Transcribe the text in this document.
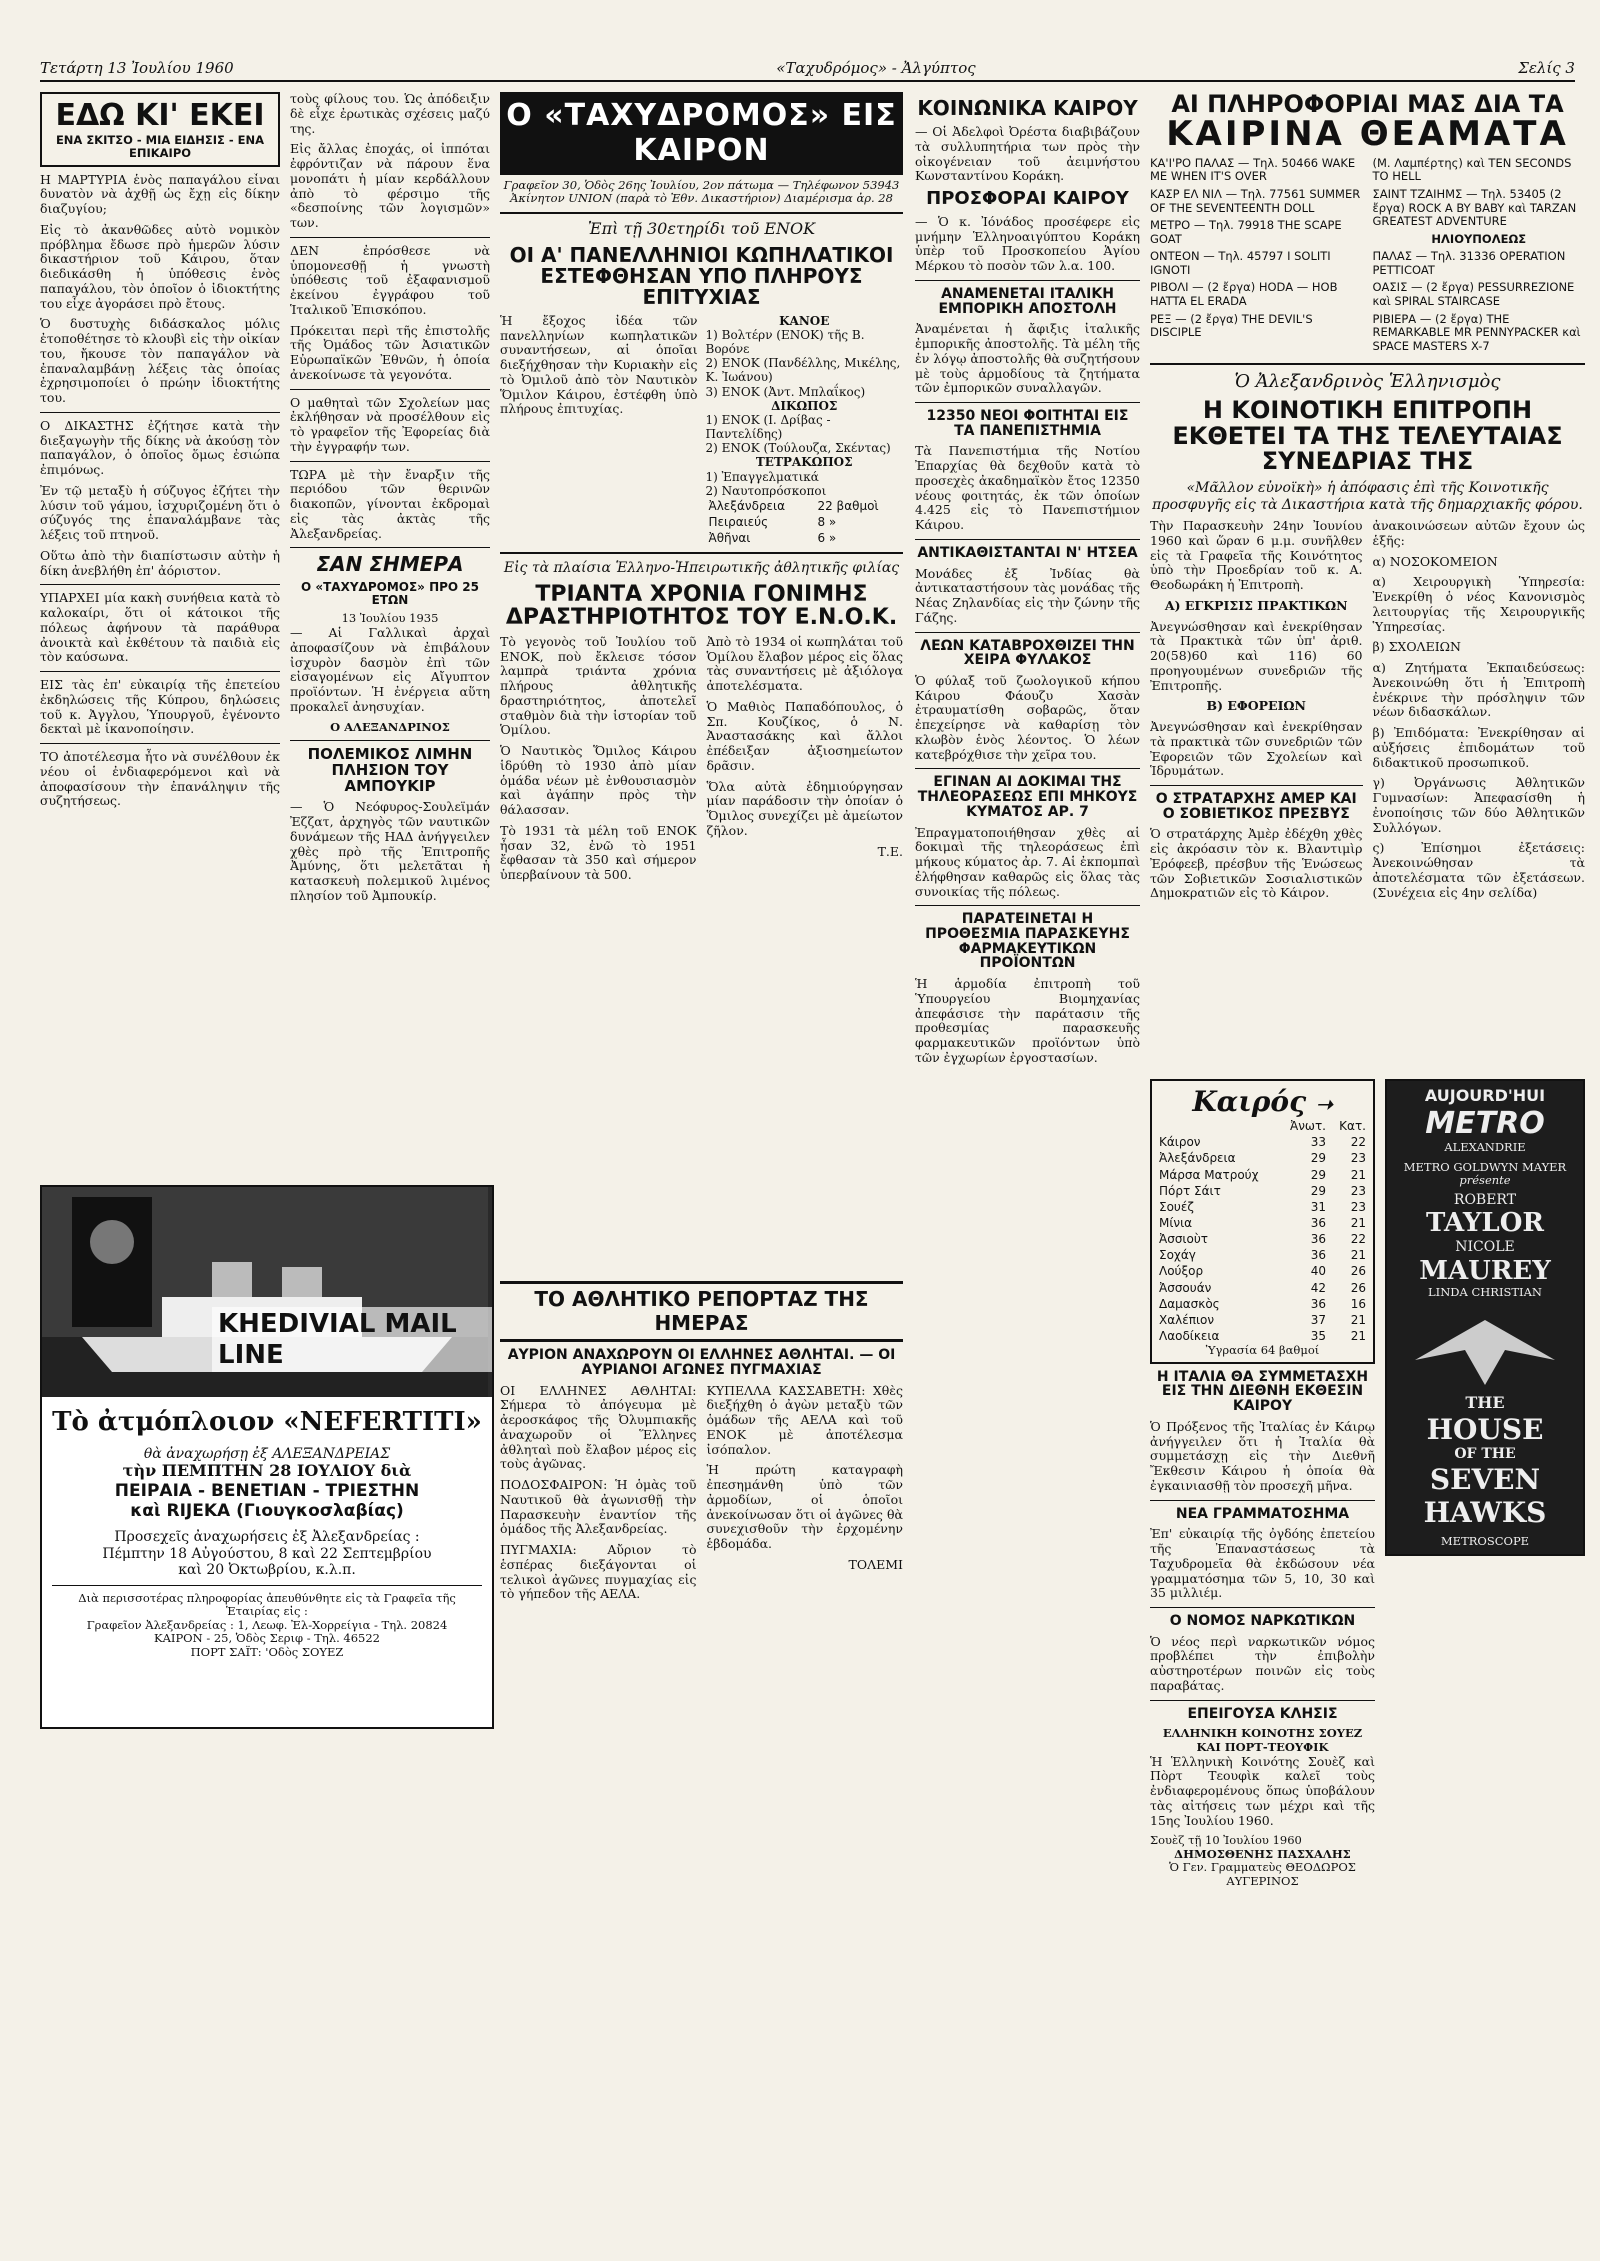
Τετάρτη 13 Ἰουλίου 1960	«Ταχυδρόμος» - Ἀλγύπτος	Σελίς 3
ΕΔΩ ΚΙ' ΕΚΕΙ
ΕΝΑ ΣΚΙΤΣΟ - ΜΙΑ ΕΙΔΗΣΙΣ - ΕΝΑ ΕΠΙΚΑΙΡΟ

Η ΜΑΡΤΥΡΙΑ ἑνὸς παπαγάλου εἶναι δυνατὸν νὰ ἀχθῇ ὡς ἔχῃ εἰς δίκην διαζυγίου;

Εἰς τὸ ἀκανθῶδες αὐτὸ νομικὸν πρόβλημα ἔδωσε πρὸ ἡμερῶν λύσιν δικαστήριον τοῦ Κάιρου, ὅταν διεδικάσθη ἡ ὑπόθεσις ἑνὸς παπαγάλου, τὸν ὁποῖον ὁ ἰδιοκτήτης του εἶχε ἀγοράσει πρὸ ἔτους.

Ὁ δυστυχὴς διδάσκαλος μόλις ἐτοποθέτησε τὸ κλουβὶ εἰς τὴν οἰκίαν του, ἤκουσε τὸν παπαγάλον νὰ ἐπαναλαμβάνῃ λέξεις τὰς ὁποίας ἐχρησιμοποίει ὁ πρώην ἰδιοκτήτης του.

Ο ΔΙΚΑΣΤΗΣ ἐζήτησε κατὰ τὴν διεξαγωγὴν τῆς δίκης νὰ ἀκούσῃ τὸν παπαγάλον, ὁ ὁποῖος ὅμως ἐσιώπα ἐπιμόνως.

Ἐν τῷ μεταξὺ ἡ σύζυγος ἐζήτει τὴν λύσιν τοῦ γάμου, ἰσχυριζομένη ὅτι ὁ σύζυγός της ἐπαναλάμβανε τὰς λέξεις τοῦ πτηνοῦ.

Οὕτω ἀπὸ τὴν διαπίστωσιν αὐτὴν ἡ δίκη ἀνεβλήθη ἐπ' ἀόριστον.

ΥΠΑΡΧΕΙ μία κακὴ συνήθεια κατὰ τὸ καλοκαίρι, ὅτι οἱ κάτοικοι τῆς πόλεως ἀφήνουν τὰ παράθυρα ἀνοικτὰ καὶ ἐκθέτουν τὰ παιδιὰ εἰς τὸν καύσωνα.

ΕΙΣ τὰς ἐπ' εὐκαιρίᾳ τῆς ἐπετείου ἐκδηλώσεις τῆς Κύπρου, δηλώσεις τοῦ κ. Ἀγγλου, Ὑπουργοῦ, ἐγένοντο δεκταὶ μὲ ἱκανοποίησιν.

ΤΟ ἀποτέλεσμα ἦτο νὰ συνέλθουν ἐκ νέου οἱ ἐνδιαφερόμενοι καὶ νὰ ἀποφασίσουν τὴν ἐπανάληψιν τῆς συζητήσεως.

τοὺς φίλους του. Ὡς ἀπόδειξιν δὲ εἶχε ἐρωτικὰς σχέσεις μαζύ της.

Εἰς ἄλλας ἐποχάς, οἱ ἰππόται ἐφρόντιζαν νὰ πάρουν ἕνα μονοπάτι ἡ μίαν κερδάλλουν ἀπὸ τὸ φέρσιμο τῆς «δεσποίνης τῶν λογισμῶν» των.

ΔΕΝ ἐπρόσθεσε νὰ ὑπομονεσθῇ ἡ γνωστὴ ὑπόθεσις τοῦ ἐξαφανισμοῦ ἐκείνου ἐγγράφου τοῦ Ἱταλικοῦ Ἐπισκόπου.

Πρόκειται περὶ τῆς ἐπιστολῆς τῆς Ὀμάδος τῶν Ἀσιατικῶν Εὐρωπαϊκῶν Ἐθνῶν, ἡ ὁποία ἀνεκοίνωσε τὰ γεγονότα.

Ο μαθηταὶ τῶν Σχολείων μας ἐκλήθησαν νὰ προσέλθουν εἰς τὸ γραφεῖον τῆς Ἐφορείας διὰ τὴν ἐγγραφήν των.

ΤΩΡΑ μὲ τὴν ἔναρξιν τῆς περιόδου τῶν θερινῶν διακοπῶν, γίνονται ἐκδρομαὶ εἰς τὰς ἀκτὰς τῆς Ἀλεξανδρείας.

ΣΑΝ ΣΗΜΕΡΑ
Ο «ΤΑΧΥΔΡΟΜΟΣ» ΠΡΟ 25 ΕΤΩΝ
13 Ἰουλίου 1935

— Αἱ Γαλλικαὶ ἀρχαὶ ἀποφασίζουν νὰ ἐπιβάλουν ἰσχυρὸν δασμὸν ἐπὶ τῶν εἰσαγομένων εἰς Αἴγυπτον προϊόντων. Ἡ ἐνέργεια αὕτη προκαλεῖ ἀνησυχίαν.

Ο ΑΛΕΞΑΝΔΡΙΝΟΣ
ΠΟΛΕΜΙΚΟΣ ΛΙΜΗΝ ΠΛΗΣΙΟΝ ΤΟΥ ΑΜΠΟΥΚΙΡ

— Ὁ Νεόφυρος-Σουλεϊμάν Ἐζζατ, ἀρχηγὸς τῶν ναυτικῶν δυνάμεων τῆς ΗΑΔ ἀνήγγειλεν χθὲς πρὸ τῆς Ἐπιτροπῆς Ἀμύνης, ὅτι μελετᾶται ἡ κατασκευὴ πολεμικοῦ λιμένος πλησίον τοῦ Ἀμπουκίρ.

KHEDIVIAL MAIL LINE
Τὸ ἀτμόπλοιον «NEFERTITI»
θὰ ἀναχωρήσῃ ἐξ ΑΛΕΞΑΝΔΡΕΙΑΣ
τὴν ΠΕΜΠΤΗΝ 28 ΙΟΥΛΙΟΥ διὰ
ΠΕΙΡΑΙΑ - ΒΕΝΕΤΙΑΝ - ΤΡΙΕΣΤΗΝ
καὶ RIJEKA (Γιουγκοσλαβίας)
Προσεχεῖς ἀναχωρήσεις ἐξ Ἀλεξανδρείας :
Πέμπτην 18 Αὐγούστου, 8 καὶ 22 Σεπτεμβρίου
καὶ 20 Ὀκτωβρίου, κ.λ.π.
Διὰ περισσοτέρας πληροφορίας ἀπευθύνθητε εἰς τὰ Γραφεῖα τῆς Ἑταιρίας εἰς :
Γραφεῖον Ἀλεξανδρείας : 1, Λεωφ. Ἐλ-Χορρείγια - Τηλ. 20824
ΚΑΙΡΟΝ - 25, Ὁδὸς Σεριφ - Τηλ. 46522
ΠΟΡΤ ΣΑΪΤ: 'Οδὸς ΣΟΥΕΖ
Ο «ΤΑΧΥΔΡΟΜΟΣ» ΕΙΣ ΚΑΙΡΟΝ
Γραφεῖον 30, Ὁδὸς 26ης Ἰουλίου, 2ον πάτωμα — Τηλέφωνον 53943
Ἀκίνητον UNION (παρὰ τὸ Ἐθν. Δικαστήριον) Διαμέρισμα ἀρ. 28
Ἐπὶ τῇ 30ετηρίδι τοῦ ΕΝΟΚ
ΟΙ Α' ΠΑΝΕΛΛΗΝΙΟΙ ΚΩΠΗΛΑΤΙΚΟΙ ΕΣΤΕΦΘΗΣΑΝ ΥΠΟ ΠΛΗΡΟΥΣ ΕΠΙΤΥΧΙΑΣ

Ἡ ἔξοχος ἰδέα τῶν πανελληνίων κωπηλατικῶν συναντήσεων, αἱ ὁποῖαι διεξήχθησαν τὴν Κυριακὴν εἰς τὸ Ὀμιλοῦ ἀπὸ τὸν Ναυτικὸν Ὅμιλον Κάιρου, ἐστέφθη ὑπὸ πλήρους ἐπιτυχίας.

ΚΑΝΟΕ
1) Βολτέρν (ΕΝΟΚ) τῆς Β. Βορόνε
2) ΕΝΟΚ (Πανδέλλης, Μικέλης, Κ. Ἰωάνου)
3) ΕΝΟΚ (Ἀντ. Μπλαΐκος)
ΔΙΚΩΠΟΣ
1) ΕΝΟΚ (Ι. Δρίβας - Παντελίδης)
2) ΕΝΟΚ (Τούλουζα, Σκέντας)
ΤΕΤΡΑΚΩΠΟΣ
1) Ἐπαγγελματικά
2) Ναυτοπρόσκοποι
Ἀλεξάνδρεια	22 βαθμοὶ
Πειραιεύς	8 »
Ἀθῆναι	6 »
Εἰς τὰ πλαίσια Ἑλληνο-Ἠπειρωτικῆς ἀθλητικῆς φιλίας
ΤΡΙΑΝΤΑ ΧΡΟΝΙΑ ΓΟΝΙΜΗΣ ΔΡΑΣΤΗΡΙΟΤΗΤΟΣ ΤΟΥ Ε.Ν.Ο.Κ.

Τὸ γεγονὸς τοῦ Ἰουλίου τοῦ ΕΝΟΚ, ποὺ ἔκλεισε τόσον λαμπρὰ τριάντα χρόνια πλήρους ἀθλητικῆς δραστηριότητος, ἀποτελεῖ σταθμὸν διὰ τὴν ἱστορίαν τοῦ Ὁμίλου.

Ὁ Ναυτικὸς Ὅμιλος Κάιρου ἱδρύθη τὸ 1930 ἀπὸ μίαν ὁμάδα νέων μὲ ἐνθουσιασμὸν καὶ ἀγάπην πρὸς τὴν θάλασσαν.

Τὸ 1931 τὰ μέλη τοῦ ΕΝΟΚ ἦσαν 32, ἐνῶ τὸ 1951 ἔφθασαν τὰ 350 καὶ σήμερον ὑπερβαίνουν τὰ 500.

Ἀπὸ τὸ 1934 οἱ κωπηλάται τοῦ Ὁμίλου ἔλαβον μέρος εἰς ὅλας τὰς συναντήσεις μὲ ἀξιόλογα ἀποτελέσματα.

Ὁ Μαθιὸς Παπαδόπουλος, ὁ Σπ. Κουζίκος, ὁ Ν. Ἀναστασάκης καὶ ἄλλοι ἐπέδειξαν ἀξιοσημείωτον δρᾶσιν.

Ὅλα αὐτὰ ἐδημιούργησαν μίαν παράδοσιν τὴν ὁποίαν ὁ Ὅμιλος συνεχίζει μὲ ἀμείωτον ζῆλον.

Τ.Ε.

ΤΟ ΑΘΛΗΤΙΚΟ ΡΕΠΟΡΤΑΖ ΤΗΣ ΗΜΕΡΑΣ
ΑΥΡΙΟΝ ΑΝΑΧΩΡΟΥΝ ΟΙ ΕΛΛΗΝΕΣ ΑΘΛΗΤΑΙ. — ΟΙ ΑΥΡΙΑΝΟΙ ΑΓΩΝΕΣ ΠΥΓΜΑΧΙΑΣ

ΟΙ ΕΛΛΗΝΕΣ ΑΘΛΗΤΑΙ: Σήμερα τὸ ἀπόγευμα μὲ ἀεροσκάφος τῆς Ὀλυμπιακῆς ἀναχωροῦν οἱ Ἕλληνες ἀθληταὶ ποὺ ἔλαβον μέρος εἰς τοὺς ἀγῶνας.

ΠΟΔΟΣΦΑΙΡΟΝ: Ἡ ὁμὰς τοῦ Ναυτικοῦ θὰ ἀγωνισθῇ τὴν Παρασκευὴν ἐναντίον τῆς ὁμάδος τῆς Ἀλεξανδρείας.

ΠΥΓΜΑΧΙΑ: Αὔριον τὸ ἑσπέρας διεξάγονται οἱ τελικοὶ ἀγῶνες πυγμαχίας εἰς τὸ γήπεδον τῆς ΑΕΛΑ.

ΚΥΠΕΛΛΑ ΚΑΣΣΑΒΕΤΗ: Χθὲς διεξήχθη ὁ ἀγὼν μεταξὺ τῶν ὁμάδων τῆς ΑΕΛΑ καὶ τοῦ ΕΝΟΚ μὲ ἀποτέλεσμα ἰσόπαλον.

Ἡ πρώτη καταγραφὴ ἐπεσημάνθη ὑπὸ τῶν ἀρμοδίων, οἱ ὁποῖοι ἀνεκοίνωσαν ὅτι οἱ ἀγῶνες θὰ συνεχισθοῦν τὴν ἐρχομένην ἑβδομάδα.

ΤΟΛΕΜΙ

ΚΟΙΝΩΝΙΚΑ ΚΑΙΡΟΥ

— Οἱ Ἀδελφοὶ Ὀρέστα διαβιβάζουν τὰ συλλυπητήρια των πρὸς τὴν οἰκογένειαν τοῦ ἀειμνήστου Κωνσταντίνου Κοράκη.

ΠΡΟΣΦΟΡΑΙ ΚΑΙΡΟΥ

— Ὁ κ. Ἰόνάδος προσέφερε εἰς μνήμην Ἑλληνοαιγύπτου Κοράκη ὑπὲρ τοῦ Προσκοπείου Ἁγίου Μέρκου τὸ ποσὸν τῶν λ.α. 100.

ΑΝΑΜΕΝΕΤΑΙ ΙΤΑΛΙΚΗ ΕΜΠΟΡΙΚΗ ΑΠΟΣΤΟΛΗ

Ἀναμένεται ἡ ἄφιξις ἰταλικῆς ἐμπορικῆς ἀποστολῆς. Τὰ μέλη τῆς ἐν λόγῳ ἀποστολῆς θὰ συζητήσουν μὲ τοὺς ἁρμοδίους τὰ ζητήματα τῶν ἐμπορικῶν συναλλαγῶν.

12350 ΝΕΟΙ ΦΟΙΤΗΤΑΙ ΕΙΣ ΤΑ ΠΑΝΕΠΙΣΤΗΜΙΑ

Τὰ Πανεπιστήμια τῆς Νοτίου Ἐπαρχίας θὰ δεχθοῦν κατὰ τὸ προσεχὲς ἀκαδημαϊκὸν ἔτος 12350 νέους φοιτητάς, ἐκ τῶν ὁποίων 4.425 εἰς τὸ Πανεπιστήμιον Κάιρου.

ΑΝΤΙΚΑΘΙΣΤΑΝΤΑΙ Ν' ΗΤΣΕΑ

Μονάδες ἐξ Ἰνδίας θὰ ἀντικαταστήσουν τὰς μονάδας τῆς Νέας Ζηλανδίας εἰς τὴν ζώνην τῆς Γάζης.

ΛΕΩΝ ΚΑΤΑΒΡΟΧΘΙΖΕΙ ΤΗΝ ΧΕΙΡΑ ΦΥΛΑΚΟΣ

Ὁ φύλαξ τοῦ ζωολογικοῦ κήπου Κάιρου Φάουζυ Χασὰν ἐτραυματίσθη σοβαρῶς, ὅταν ἐπεχείρησε νὰ καθαρίσῃ τὸν κλωβὸν ἑνὸς λέοντος. Ὁ λέων κατεβρόχθισε τὴν χεῖρα του.

ΕΓΙΝΑΝ ΑΙ ΔΟΚΙΜΑΙ ΤΗΣ ΤΗΛΕΟΡΑΣΕΩΣ ΕΠΙ ΜΗΚΟΥΣ ΚΥΜΑΤΟΣ ΑΡ. 7

Ἐπραγματοποιήθησαν χθὲς αἱ δοκιμαὶ τῆς τηλεοράσεως ἐπὶ μήκους κύματος ἀρ. 7. Αἱ ἐκπομπαὶ ἐλήφθησαν καθαρῶς εἰς ὅλας τὰς συνοικίας τῆς πόλεως.

ΠΑΡΑΤΕΙΝΕΤΑΙ Η ΠΡΟΘΕΣΜΙΑ ΠΑΡΑΣΚΕΥΗΣ ΦΑΡΜΑΚΕΥΤΙΚΩΝ ΠΡΟΪΟΝΤΩΝ

Ἡ ἁρμοδία ἐπιτροπὴ τοῦ Ὑπουργείου Βιομηχανίας ἀπεφάσισε τὴν παράτασιν τῆς προθεσμίας παρασκευῆς φαρμακευτικῶν προϊόντων ὑπὸ τῶν ἐγχωρίων ἐργοστασίων.

ΑΙ ΠΛΗΡΟΦΟΡΙΑΙ ΜΑΣ ΔΙΑ ΤΑ
ΚΑΙΡΙΝΑ ΘΕΑΜΑΤΑ
ΚΑ'Ι'ΡΟ ΠΑΛΑΣ — Τηλ. 50466 WAKE ME WHEN IT'S OVER
ΚΑΣΡ ΕΛ ΝΙΛ — Τηλ. 77561 SUMMER OF THE SEVENTEENTH DOLL
ΜΕΤΡΟ — Τηλ. 79918 THE SCAPE GOAT
ΟΝΤΕΟΝ — Τηλ. 45797 I SOLITI IGNOTI
ΡΙΒΟΛΙ — (2 ἔργα) HODA — HOB HATTA EL ERADA
ΡΕΞ — (2 ἔργα) THE DEVIL'S DISCIPLE
(Μ. Λαμπέρτης) καὶ TEN SECONDS TO HELL
ΣΑΙΝΤ ΤΖΑΙΗΜΣ — Τηλ. 53405 (2 ἔργα) ROCK A BY BABY καὶ TARZAN GREATEST ADVENTURE
ΗΛΙΟΥΠΟΛΕΩΣ
ΠΑΛΑΣ — Τηλ. 31336 OPERATION PETTICOAT
ΟΑΣΙΣ — (2 ἔργα) PESSURREZIONE καὶ SPIRAL STAIRCASE
ΡΙΒΙΕΡΑ — (2 ἔργα) THE REMARKABLE MR PENNYPACKER καὶ SPACE MASTERS X-7
Ὁ Ἀλεξανδρινὸς Ἑλληνισμὸς
Η ΚΟΙΝΟΤΙΚΗ ΕΠΙΤΡΟΠΗ ΕΚΘΕΤΕΙ ΤΑ ΤΗΣ ΤΕΛΕΥΤΑΙΑΣ ΣΥΝΕΔΡΙΑΣ ΤΗΣ
«Μᾶλλον εὐνοϊκὴ» ἡ ἀπόφασις ἐπὶ τῆς Κοινοτικῆς προσφυγῆς εἰς τὰ Δικαστήρια κατὰ τῆς δημαρχιακῆς φόρου.

Τὴν Παρασκευὴν 24ην Ἰουνίου 1960 καὶ ὥραν 6 μ.μ. συνῆλθεν εἰς τὰ Γραφεῖα τῆς Κοινότητος ὑπὸ τὴν Προεδρίαν τοῦ κ. Α. Θεοδωράκη ἡ Ἐπιτροπὴ.

Α) ΕΓΚΡΙΣΙΣ ΠΡΑΚΤΙΚΩΝ

Ἀνεγνώσθησαν καὶ ἐνεκρίθησαν τὰ Πρακτικὰ τῶν ὑπ' ἀριθ. 20(58)60 καὶ 116) 60 προηγουμένων συνεδριῶν τῆς Ἐπιτροπῆς.

Β) ΕΦΟΡΕΙΩΝ

Ἀνεγνώσθησαν καὶ ἐνεκρίθησαν τὰ πρακτικὰ τῶν συνεδριῶν τῶν Ἐφορειῶν τῶν Σχολείων καὶ Ἱδρυμάτων.

Ο ΣΤΡΑΤΑΡΧΗΣ ΑΜΕΡ ΚΑΙ Ο ΣΟΒΙΕΤΙΚΟΣ ΠΡΕΣΒΥΣ

Ὁ στρατάρχης Ἀμὲρ ἐδέχθη χθὲς εἰς ἀκρόασιν τὸν κ. Βλαντιμὶρ Ἐρόφεεβ, πρέσβυν τῆς Ἑνώσεως τῶν Σοβιετικῶν Σοσιαλιστικῶν Δημοκρατιῶν εἰς τὸ Κάιρον.

ἀνακοινώσεων αὐτῶν ἔχουν ὡς ἑξῆς:

α) ΝΟΣΟΚΟΜΕΙΟΝ

α) Χειρουργικὴ Ὑπηρεσία: Ἐνεκρίθη ὁ νέος Κανονισμὸς λειτουργίας τῆς Χειρουργικῆς Ὑπηρεσίας.

β) ΣΧΟΛΕΙΩΝ

α) Ζητήματα Ἐκπαιδεύσεως: Ἀνεκοινώθη ὅτι ἡ Ἐπιτροπὴ ἐνέκρινε τὴν πρόσληψιν τῶν νέων διδασκάλων.

β) Ἐπιδόματα: Ἐνεκρίθησαν αἱ αὐξήσεις ἐπιδομάτων τοῦ διδακτικοῦ προσωπικοῦ.

γ) Ὀργάνωσις Ἀθλητικῶν Γυμνασίων: Ἀπεφασίσθη ἡ ἐνοποίησις τῶν δύο Ἀθλητικῶν Συλλόγων.

ς) Ἐπίσημοι ἐξετάσεις: Ἀνεκοινώθησαν τὰ ἀποτελέσματα τῶν ἐξετάσεων. (Συνέχεια εἰς 4ην σελίδα)

Καιρός ➝
	Ἀνωτ.	Κατ.
Κάιρον	33	22
Ἀλεξάνδρεια	29	23
Μάρσα Ματρούχ	29	21
Πόρτ Σάιτ	29	23
Σουέζ	31	23
Μίνια	36	21
Ἀσσιοὺτ	36	22
Σοχάγ	36	21
Λούξορ	40	26
Ἀσσουάν	42	26
Δαμασκὸς	36	16
Χαλέπιον	37	21
Λαοδίκεια	35	21
Ὑγρασία 64 βαθμοί
Η ΙΤΑΛΙΑ ΘΑ ΣΥΜΜΕΤΑΣΧΗ ΕΙΣ ΤΗΝ ΔΙΕΘΝΗ ΕΚΘΕΣΙΝ ΚΑΙΡΟΥ

Ὁ Πρόξενος τῆς Ἰταλίας ἐν Κάιρῳ ἀνήγγειλεν ὅτι ἡ Ἰταλία θὰ συμμετάσχῃ εἰς τὴν Διεθνῆ Ἔκθεσιν Κάιρου ἡ ὁποία θὰ ἐγκαινιασθῇ τὸν προσεχῆ μῆνα.

ΝΕΑ ΓΡΑΜΜΑΤΟΣΗΜΑ

Ἐπ' εὐκαιρίᾳ τῆς ὀγδόης ἐπετείου τῆς Ἐπαναστάσεως τὰ Ταχυδρομεῖα θὰ ἐκδώσουν νέα γραμματόσημα τῶν 5, 10, 30 καὶ 35 μιλλιέμ.

Ο ΝΟΜΟΣ ΝΑΡΚΩΤΙΚΩΝ

Ὁ νέος περὶ ναρκωτικῶν νόμος προβλέπει τὴν ἐπιβολὴν αὐστηροτέρων ποινῶν εἰς τοὺς παραβάτας.

ΕΠΕΙΓΟΥΣΑ ΚΛΗΣΙΣ
ΕΛΛΗΝΙΚΗ ΚΟΙΝΟΤΗΣ ΣΟΥΕΖ ΚΑΙ ΠΟΡΤ-ΤΕΟΥΦΙΚ

Ἡ Ἑλληνικὴ Κοινότης Σουὲζ καὶ Πὸρτ Τεουφὶκ καλεῖ τοὺς ἐνδιαφερομένους ὅπως ὑποβάλουν τὰς αἰτήσεις των μέχρι καὶ τῆς 15ης Ἰουλίου 1960.

Σουὲζ τῇ 10 Ἰουλίου 1960
ΔΗΜΟΣΘΕΝΗΣ ΠΑΣΧΑΛΗΣ
Ὁ Γεν. Γραμματεὺς ΘΕΟΔΩΡΟΣ ΑΥΓΕΡΙΝΟΣ
AUJOURD'HUI
METRO
ALEXANDRIE
METRO GOLDWYN MAYER
présente
ROBERT
TAYLOR
NICOLE
MAUREY
LINDA CHRISTIAN
THE
HOUSE
OF THE
SEVEN
HAWKS
METROSCOPE
